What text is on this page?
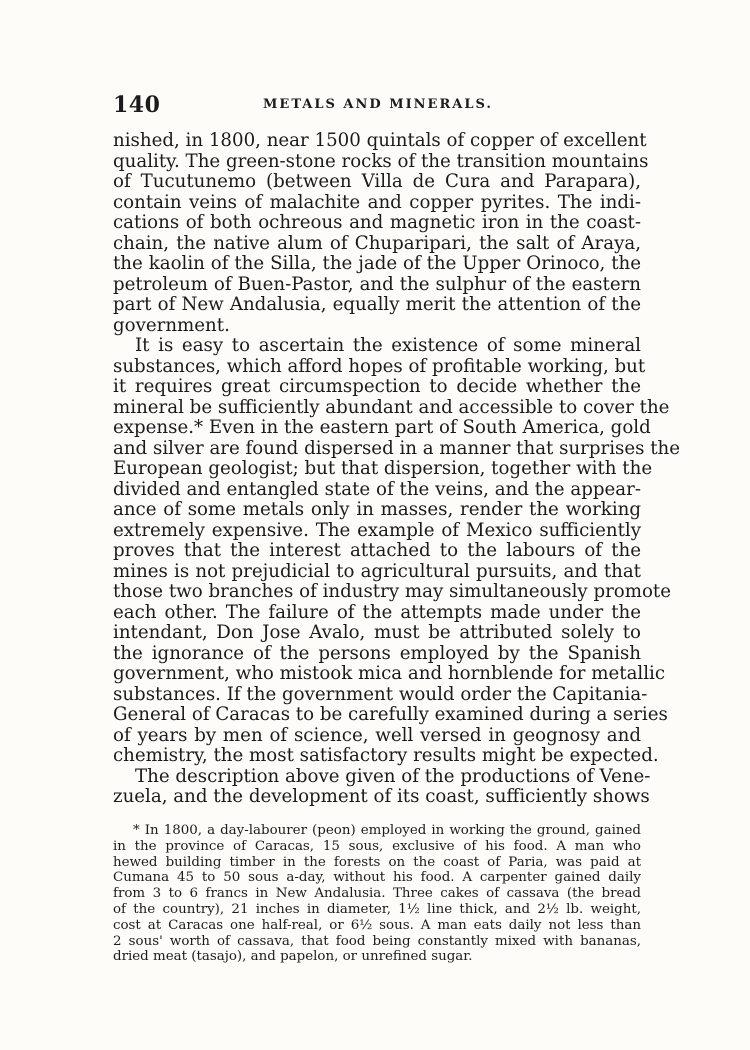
140	METALS AND MINERALS.
nished, in 1800, near 1500 quintals of copper of excellent
quality. The green-stone rocks of the transition mountains
of Tucutunemo (between Villa de Cura and Parapara),
contain veins of malachite and copper pyrites. The indi-
cations of both ochreous and magnetic iron in the coast-
chain, the native alum of Chuparipari, the salt of Araya,
the kaolin of the Silla, the jade of the Upper Orinoco, the
petroleum of Buen-Pastor, and the sulphur of the eastern
part of New Andalusia, equally merit the attention of the
government.
It is easy to ascertain the existence of some mineral
substances, which afford hopes of profitable working, but
it requires great circumspection to decide whether the
mineral be sufficiently abundant and accessible to cover the
expense.* Even in the eastern part of South America, gold
and silver are found dispersed in a manner that surprises the
European geologist; but that dispersion, together with the
divided and entangled state of the veins, and the appear-
ance of some metals only in masses, render the working
extremely expensive. The example of Mexico sufficiently
proves that the interest attached to the labours of the
mines is not prejudicial to agricultural pursuits, and that
those two branches of industry may simultaneously promote
each other. The failure of the attempts made under the
intendant, Don Jose Avalo, must be attributed solely to
the ignorance of the persons employed by the Spanish
government, who mistook mica and hornblende for metallic
substances. If the government would order the Capitania-
General of Caracas to be carefully examined during a series
of years by men of science, well versed in geognosy and
chemistry, the most satisfactory results might be expected.
The description above given of the productions of Vene-
zuela, and the development of its coast, sufficiently shows
* In 1800, a day-labourer (peon) employed in working the ground, gained
in the province of Caracas, 15 sous, exclusive of his food. A man who
hewed building timber in the forests on the coast of Paria, was paid at
Cumana 45 to 50 sous a-day, without his food. A carpenter gained daily
from 3 to 6 francs in New Andalusia. Three cakes of cassava (the bread
of the country), 21 inches in diameter, 1½ line thick, and 2½ lb. weight,
cost at Caracas one half-real, or 6½ sous. A man eats daily not less than
2 sous' worth of cassava, that food being constantly mixed with bananas,
dried meat (tasajo), and papelon, or unrefined sugar.
